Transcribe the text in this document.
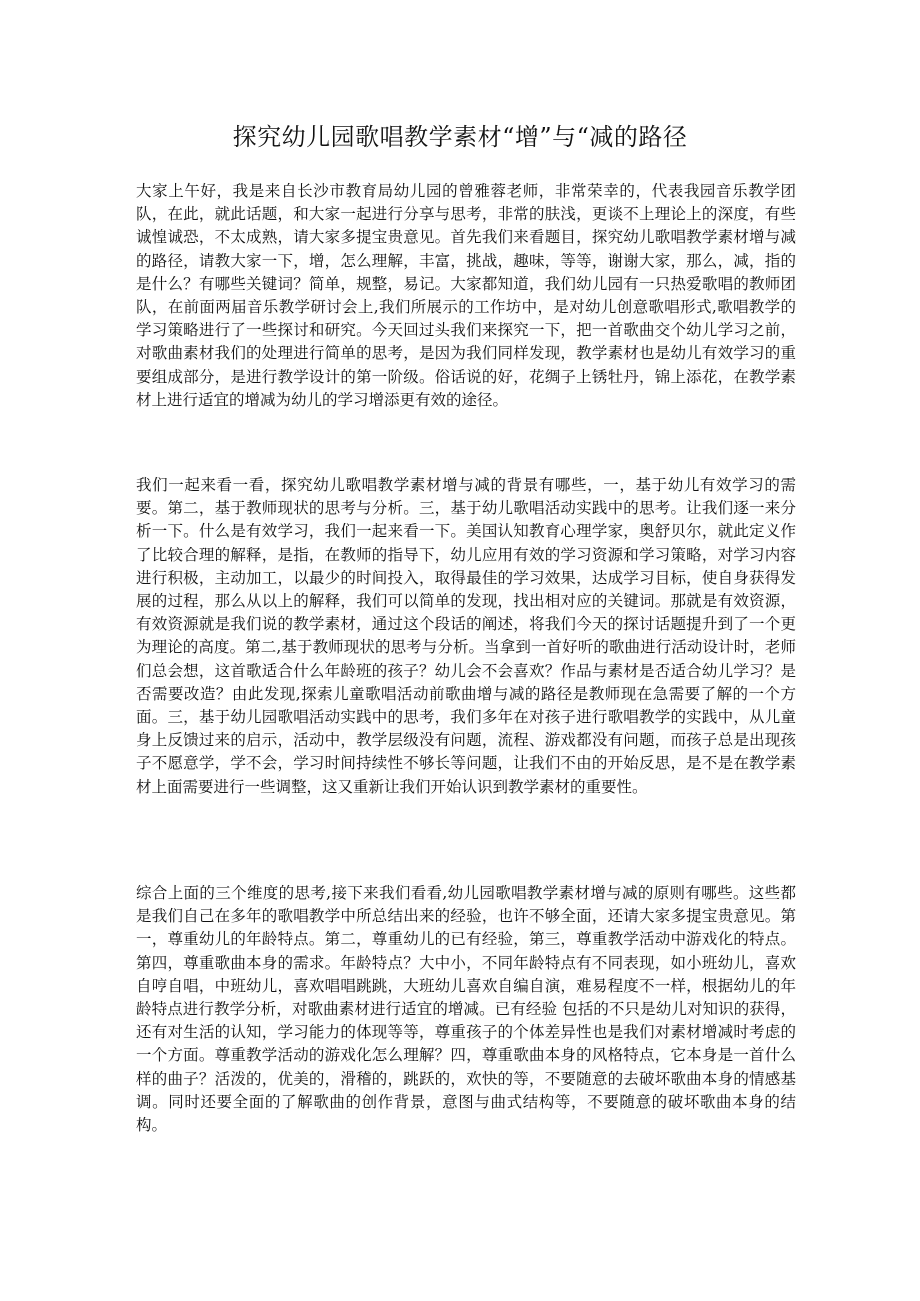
探究幼儿园歌唱教学素材“增”与“减的路径

大家上午好，我是来自长沙市教育局幼儿园的曾雅蓉老师，非常荣幸的，代表我园音乐教学团队，在此，就此话题，和大家一起进行分享与思考，非常的肤浅，更谈不上理论上的深度，有些诚惶诚恐，不太成熟，请大家多提宝贵意见。首先我们来看题目，探究幼儿歌唱教学素材增与减的路径，请教大家一下，增，怎么理解，丰富，挑战，趣味，等等，谢谢大家，那么，减，指的是什么？有哪些关键词？简单，规整，易记。大家都知道，我们幼儿园有一只热爱歌唱的教师团队，在前面两届音乐教学研讨会上,我们所展示的工作坊中，是对幼儿创意歌唱形式,歌唱教学的学习策略进行了一些探讨和研究。今天回过头我们来探究一下，把一首歌曲交个幼儿学习之前，对歌曲素材我们的处理进行简单的思考，是因为我们同样发现，教学素材也是幼儿有效学习的重要组成部分，是进行教学设计的第一阶级。俗话说的好，花绸子上锈牡丹，锦上添花，在教学素材上进行适宜的增减为幼儿的学习增添更有效的途径。

我们一起来看一看，探究幼儿歌唱教学素材增与减的背景有哪些，一，基于幼儿有效学习的需要。第二，基于教师现状的思考与分析。三，基于幼儿歌唱活动实践中的思考。让我们逐一来分析一下。什么是有效学习，我们一起来看一下。美国认知教育心理学家，奥舒贝尔，就此定义作了比较合理的解释，是指，在教师的指导下，幼儿应用有效的学习资源和学习策略，对学习内容进行积极，主动加工，以最少的时间投入，取得最佳的学习效果，达成学习目标，使自身获得发展的过程，那么从以上的解释，我们可以简单的发现，找出相对应的关键词。那就是有效资源，有效资源就是我们说的教学素材，通过这个段话的阐述，将我们今天的探讨话题提升到了一个更为理论的高度。第二,基于教师现状的思考与分析。当拿到一首好听的歌曲进行活动设计时，老师们总会想，这首歌适合什么年龄班的孩子？幼儿会不会喜欢？作品与素材是否适合幼儿学习？是否需要改造？由此发现,探索儿童歌唱活动前歌曲增与减的路径是教师现在急需要了解的一个方面。三，基于幼儿园歌唱活动实践中的思考，我们多年在对孩子进行歌唱教学的实践中，从儿童身上反馈过来的启示，活动中，教学层级没有问题，流程、游戏都没有问题，而孩子总是出现孩子不愿意学，学不会，学习时间持续性不够长等问题，让我们不由的开始反思，是不是在教学素材上面需要进行一些调整，这又重新让我们开始认识到教学素材的重要性。

综合上面的三个维度的思考,接下来我们看看,幼儿园歌唱教学素材增与减的原则有哪些。这些都是我们自己在多年的歌唱教学中所总结出来的经验，也许不够全面，还请大家多提宝贵意见。第一，尊重幼儿的年龄特点。第二，尊重幼儿的已有经验，第三，尊重教学活动中游戏化的特点。第四，尊重歌曲本身的需求。年龄特点？大中小，不同年龄特点有不同表现，如小班幼儿，喜欢自哼自唱，中班幼儿，喜欢唱唱跳跳，大班幼儿喜欢自编自演，难易程度不一样，根据幼儿的年龄特点进行教学分析，对歌曲素材进行适宜的增减。已有经验 包括的不只是幼儿对知识的获得，还有对生活的认知，学习能力的体现等等，尊重孩子的个体差异性也是我们对素材增减时考虑的一个方面。尊重教学活动的游戏化怎么理解？四，尊重歌曲本身的风格特点，它本身是一首什么样的曲子？活泼的，优美的，滑稽的，跳跃的，欢快的等，不要随意的去破坏歌曲本身的情感基调。同时还要全面的了解歌曲的创作背景，意图与曲式结构等，不要随意的破坏歌曲本身的结构。
